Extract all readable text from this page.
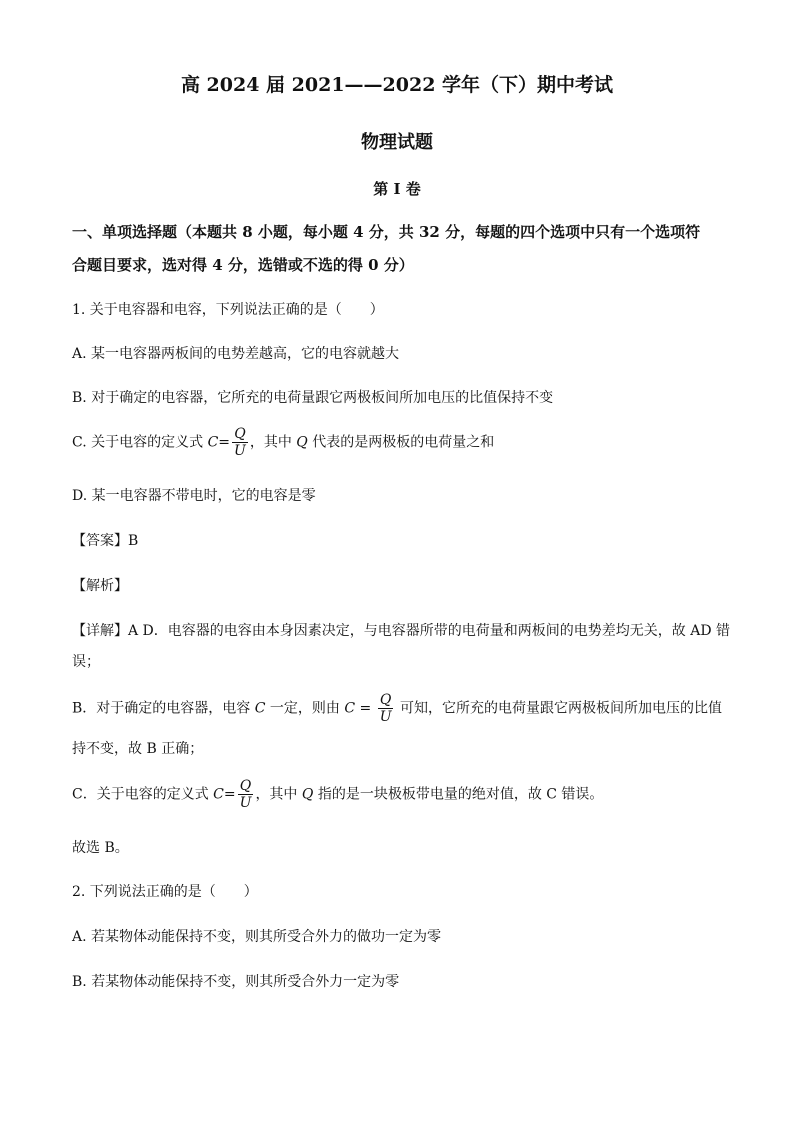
高 2024 届 2021——2022 学年（下）期中考试
物理试题
第 I 卷
一、单项选择题（本题共 8 小题，每小题 4 分，共 32 分，每题的四个选项中只有一个选项符
合题目要求，选对得 4 分，选错或不选的得 0 分）
1. 关于电容器和电容，下列说法正确的是（　　）
A. 某一电容器两板间的电势差越高，它的电容就越大
B. 对于确定的电容器，它所充的电荷量跟它两极板间所加电压的比值保持不变
C. 关于电容的定义式 $C= \frac{Q}{U}$ ，其中 Q 代表的是两极板的电荷量之和
D. 某一电容器不带电时，它的电容是零
【答案】B
【解析】
【详解】A D．电容器的电容由本身因素决定，与电容器所带的电荷量和两板间的电势差均无关，故 AD 错
误；
B．对于确定的电容器，电容 C 一定，则由 $C = \frac{Q}{U}$ 可知，它所充的电荷量跟它两极板间所加电压的比值
持不变，故 B 正确；
C．关于电容的定义式 $C= \frac{Q}{U}$ ，其中 Q 指的是一块极板带电量的绝对值，故 C 错误。
故选 B。
2. 下列说法正确的是（　　）
A. 若某物体动能保持不变，则其所受合外力的做功一定为零
B. 若某物体动能保持不变，则其所受合外力一定为零
